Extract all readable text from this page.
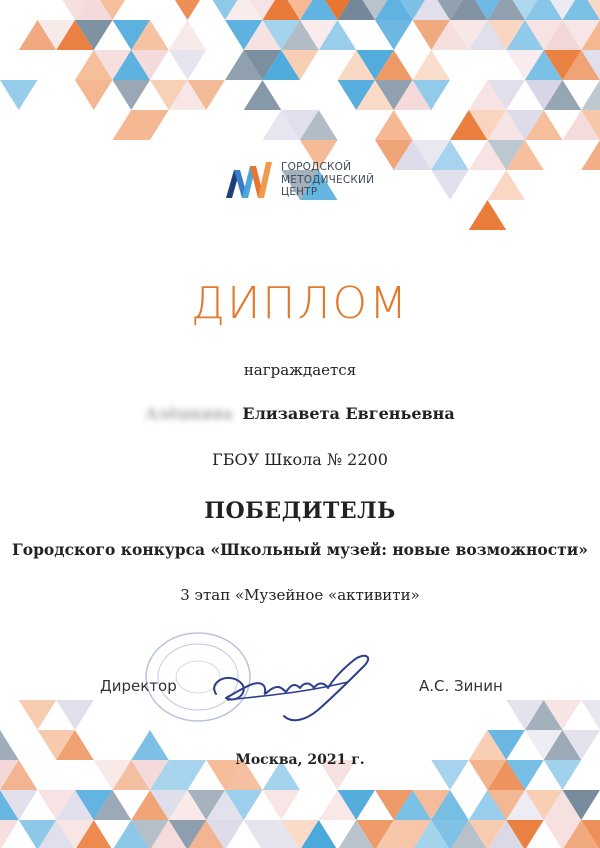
ГОРОДСКОЙ
МЕТОДИЧЕСКИЙ
ЦЕНТР
ДИПЛОМ
награждается
Алёшкина Елизавета Евгеньевна
ГБОУ Школа № 2200
ПОБЕДИТЕЛЬ
Городского конкурса «Школьный музей: новые возможности»
3 этап «Музейное «активити»
Директор	А.С. Зинин
Москва, 2021 г.
